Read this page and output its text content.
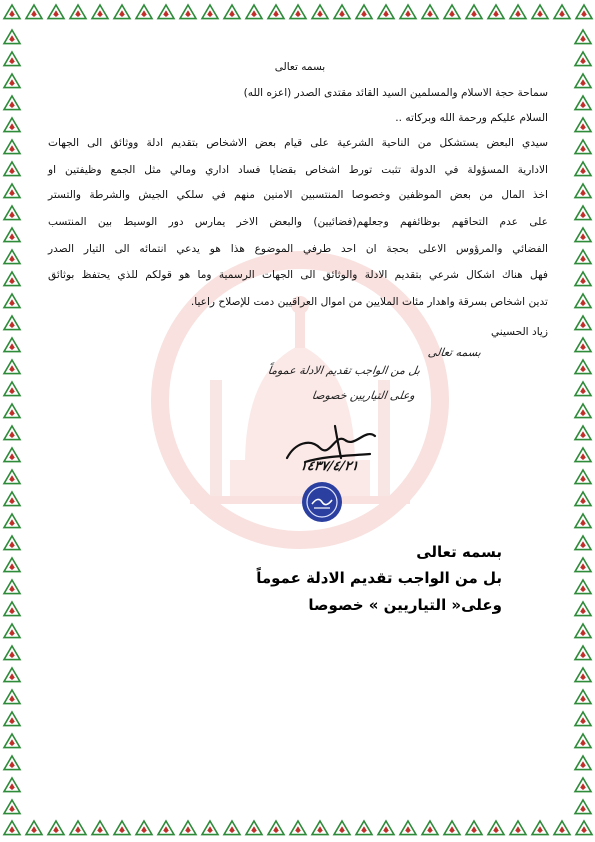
بسمه تعالى
سماحة حجة الاسلام والمسلمين السيد القائد مقتدى الصدر (اعزه الله)
السلام عليكم ورحمة الله وبركاته ..
سيدي البعض يستشكل من الناحية الشرعية على قيام بعض الاشخاص بتقديم ادلة ووثائق الى الجهات
الادارية المسؤولة في الدولة تثبت تورط اشخاص بقضايا فساد اداري ومالي مثل الجمع وظيفتين او
اخذ المال من بعض الموظفين وخصوصا المنتسبين الامنين منهم في سلكي الجيش والشرطة والتستر
على عدم التحاقهم بوظائفهم وجعلهم(فضائيين) والبعض الاخر يمارس دور الوسيط بين المنتسب
الفضائي والمرؤوس الاعلى بحجة ان احد طرفي الموضوع هذا هو يدعي انتمائه الى التيار الصدر
فهل هناك اشكال شرعي بتقديم الادلة والوثائق الى الجهات الرسمية وما هو قولكم للذي يحتفظ بوثائق
تدين اشخاص بسرقة واهدار مئات الملايين من اموال العراقيين دمت للإصلاح راعيا.
زياد الحسيني
بسمه تعالى
بل من الواجب تقديم الادلة عموماً
وعلى التياريين خصوصا
١٤٣٧/٤/٢١
بسمه تعالى
بل من الواجب تقديم الادلة عموماً
وعلى« التياريين » خصوصا
